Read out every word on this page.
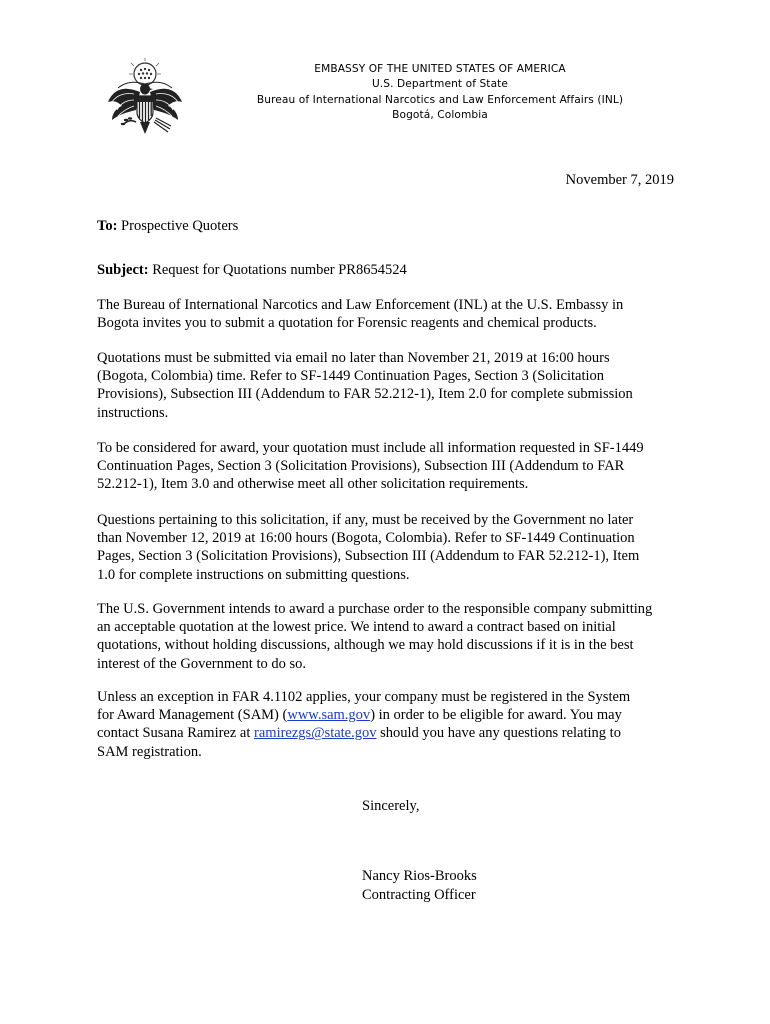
EMBASSY OF THE UNITED STATES OF AMERICA
U.S. Department of State
Bureau of International Narcotics and Law Enforcement Affairs (INL)
Bogotá, Colombia
November 7, 2019
To: Prospective Quoters
Subject: Request for Quotations number PR8654524
The Bureau of International Narcotics and Law Enforcement (INL) at the U.S. Embassy in
Bogota invites you to submit a quotation for Forensic reagents and chemical products.
Quotations must be submitted via email no later than November 21, 2019 at 16:00 hours
(Bogota, Colombia) time. Refer to SF-1449 Continuation Pages, Section 3 (Solicitation
Provisions), Subsection III (Addendum to FAR 52.212-1), Item 2.0 for complete submission
instructions.
To be considered for award, your quotation must include all information requested in SF-1449
Continuation Pages, Section 3 (Solicitation Provisions), Subsection III (Addendum to FAR
52.212-1), Item 3.0 and otherwise meet all other solicitation requirements.
Questions pertaining to this solicitation, if any, must be received by the Government no later
than November 12, 2019 at 16:00 hours (Bogota, Colombia). Refer to SF-1449 Continuation
Pages, Section 3 (Solicitation Provisions), Subsection III (Addendum to FAR 52.212-1), Item
1.0 for complete instructions on submitting questions.
The U.S. Government intends to award a purchase order to the responsible company submitting
an acceptable quotation at the lowest price. We intend to award a contract based on initial
quotations, without holding discussions, although we may hold discussions if it is in the best
interest of the Government to do so.
Unless an exception in FAR 4.1102 applies, your company must be registered in the System
for Award Management (SAM) (www.sam.gov) in order to be eligible for award. You may
contact Susana Ramirez at ramirezgs@state.gov should you have any questions relating to
SAM registration.
Sincerely,
Nancy Rios-Brooks
Contracting Officer
